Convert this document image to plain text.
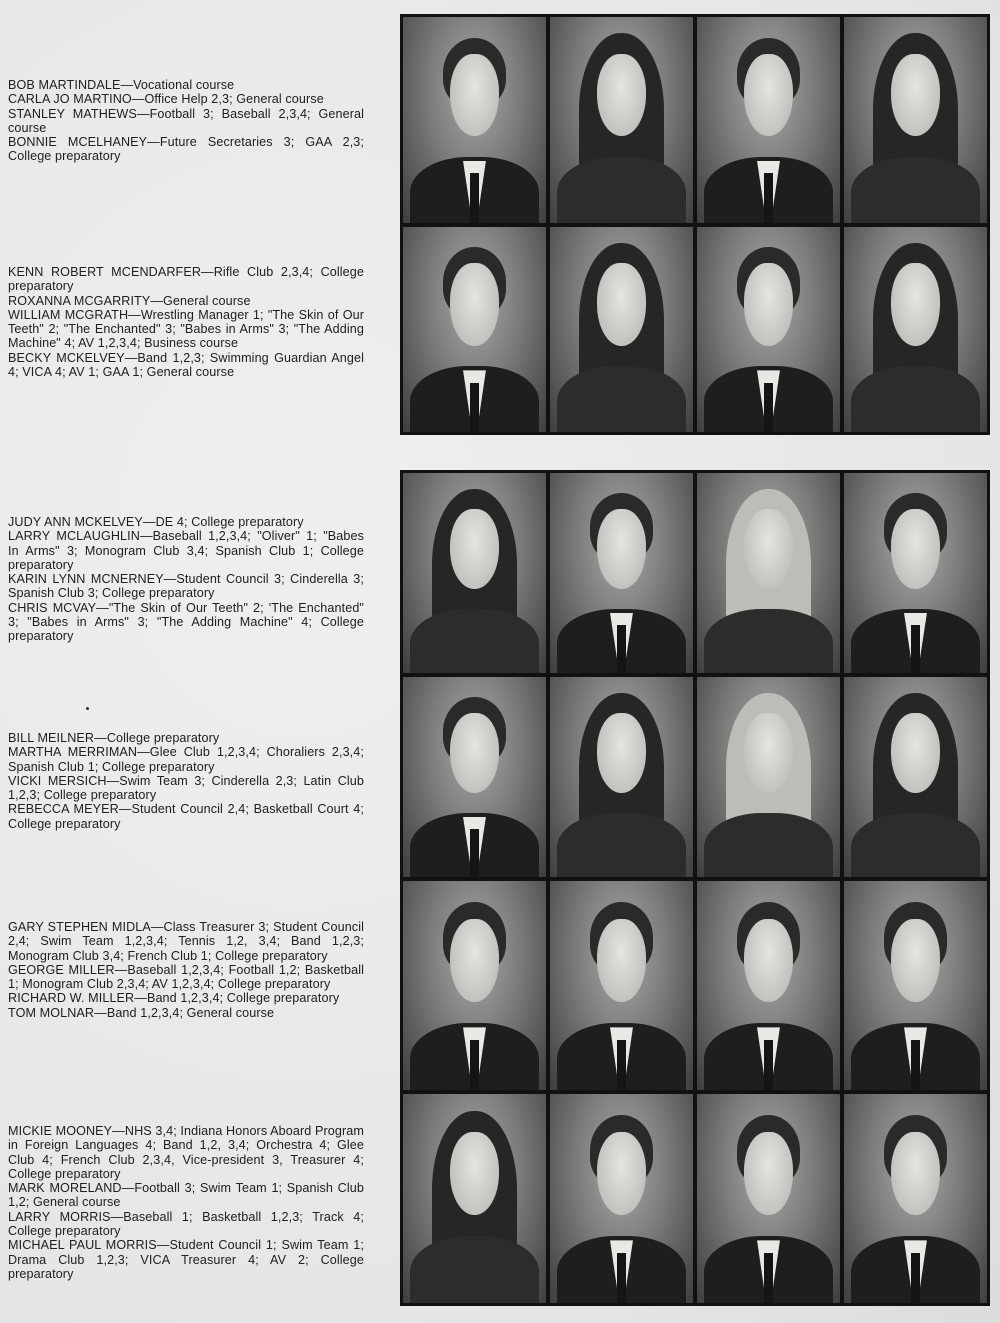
BOB MARTINDALE—Vocational course

CARLA JO MARTINO—Office Help 2,3; General course

STANLEY MATHEWS—Football 3; Baseball 2,3,4; General course

BONNIE MCELHANEY—Future Secretaries 3; GAA 2,3; College preparatory

KENN ROBERT MCENDARFER—Rifle Club 2,3,4; College preparatory

ROXANNA MCGARRITY—General course

WILLIAM MCGRATH—Wrestling Manager 1; "The Skin of Our Teeth" 2; "The Enchanted" 3; "Babes in Arms" 3; "The Adding Machine" 4; AV 1,2,3,4; Business course

BECKY MCKELVEY—Band 1,2,3; Swimming Guardian Angel 4; VICA 4; AV 1; GAA 1; General course

JUDY ANN MCKELVEY—DE 4; College preparatory

LARRY MCLAUGHLIN—Baseball 1,2,3,4; "Oliver" 1; "Babes In Arms" 3; Monogram Club 3,4; Spanish Club 1; College preparatory

KARIN LYNN MCNERNEY—Student Council 3; Cinderella 3; Spanish Club 3; College preparatory

CHRIS MCVAY—"The Skin of Our Teeth" 2; 'The Enchanted" 3; "Babes in Arms" 3; "The Adding Machine" 4; College preparatory

BILL MEILNER—College preparatory

MARTHA MERRIMAN—Glee Club 1,2,3,4; Choraliers 2,3,4; Spanish Club 1; College preparatory

VICKI MERSICH—Swim Team 3; Cinderella 2,3; Latin Club 1,2,3; College preparatory

REBECCA MEYER—Student Council 2,4; Basketball Court 4; College preparatory

GARY STEPHEN MIDLA—Class Treasurer 3; Student Council 2,4; Swim Team 1,2,3,4; Tennis 1,2, 3,4; Band 1,2,3; Monogram Club 3,4; French Club 1; College preparatory

GEORGE MILLER—Baseball 1,2,3,4; Football 1,2; Basketball 1; Monogram Club 2,3,4; AV 1,2,3,4; College preparatory

RICHARD W. MILLER—Band 1,2,3,4; College preparatory

TOM MOLNAR—Band 1,2,3,4; General course

MICKIE MOONEY—NHS 3,4; Indiana Honors Aboard Program in Foreign Languages 4; Band 1,2, 3,4; Orchestra 4; Glee Club 4; French Club 2,3,4, Vice-president 3, Treasurer 4; College preparatory

MARK MORELAND—Football 3; Swim Team 1; Spanish Club 1,2; General course

LARRY MORRIS—Baseball 1; Basketball 1,2,3; Track 4; College preparatory

MICHAEL PAUL MORRIS—Student Council 1; Swim Team 1; Drama Club 1,2,3; VICA Treasurer 4; AV 2; College preparatory
